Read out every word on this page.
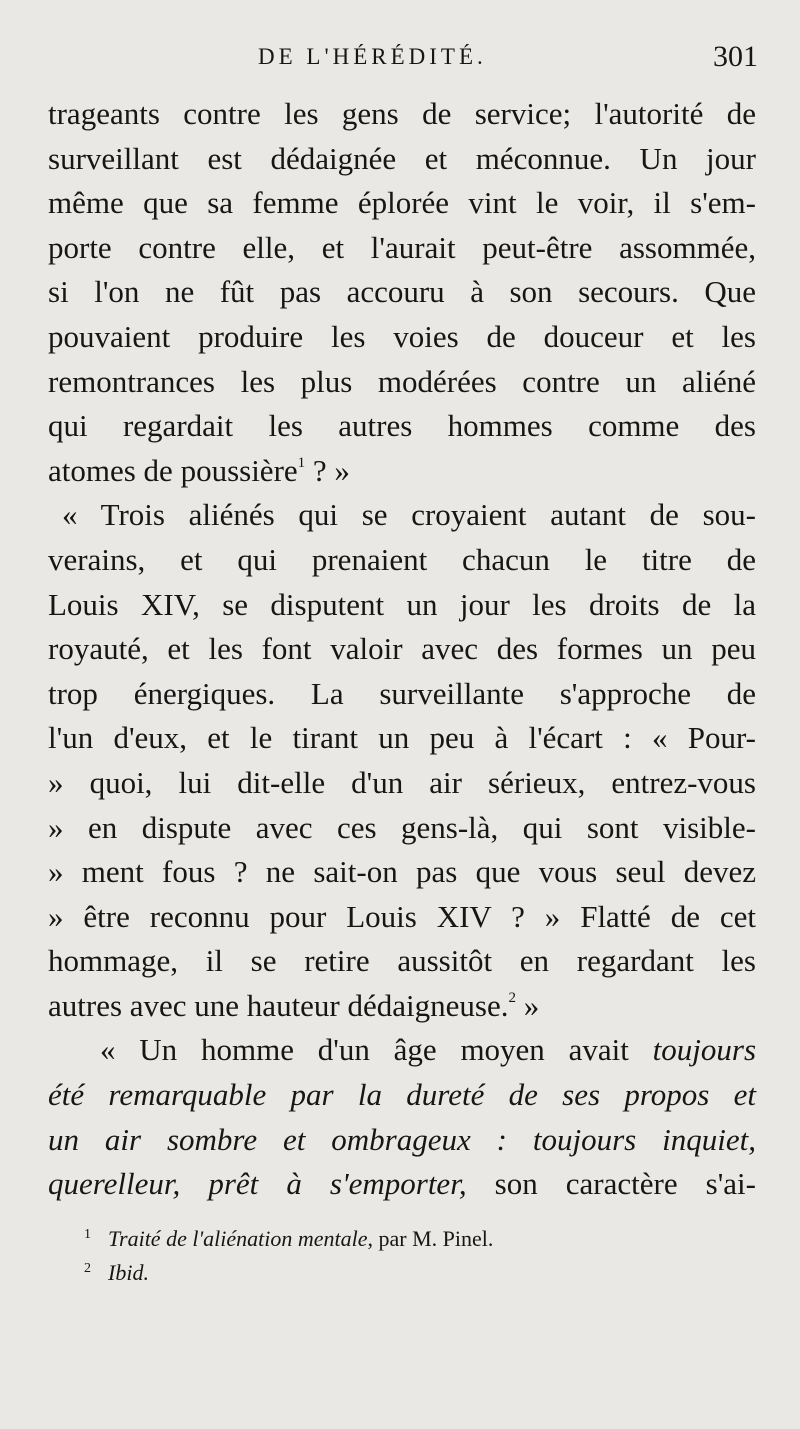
DE L'HÉRÉDITÉ.	301
trageants contre les gens de service; l'autorité de
surveillant est dédaignée et méconnue. Un jour
même que sa femme éplorée vint le voir, il s'em-
porte contre elle, et l'aurait peut-être assommée,
si l'on ne fût pas accouru à son secours. Que
pouvaient produire les voies de douceur et les
remontrances les plus modérées contre un aliéné
qui regardait les autres hommes comme des
atomes de poussière$^1$ ? »
« Trois aliénés qui se croyaient autant de sou-
verains, et qui prenaient chacun le titre de
Louis XIV, se disputent un jour les droits de la
royauté, et les font valoir avec des formes un peu
trop énergiques. La surveillante s'approche de
l'un d'eux, et le tirant un peu à l'écart : « Pour-
» quoi, lui dit-elle d'un air sérieux, entrez-vous
» en dispute avec ces gens-là, qui sont visible-
» ment fous ? ne sait-on pas que vous seul devez
» être reconnu pour Louis XIV ? » Flatté de cet
hommage, il se retire aussitôt en regardant les
autres avec une hauteur dédaigneuse.$^2$ »
« Un homme d'un âge moyen avait toujours
été remarquable par la dureté de ses propos et
un air sombre et ombrageux : toujours inquiet,
querelleur, prêt à s'emporter, son caractère s'ai-
1 Traité de l'aliénation mentale, par M. Pinel.
2 Ibid.
